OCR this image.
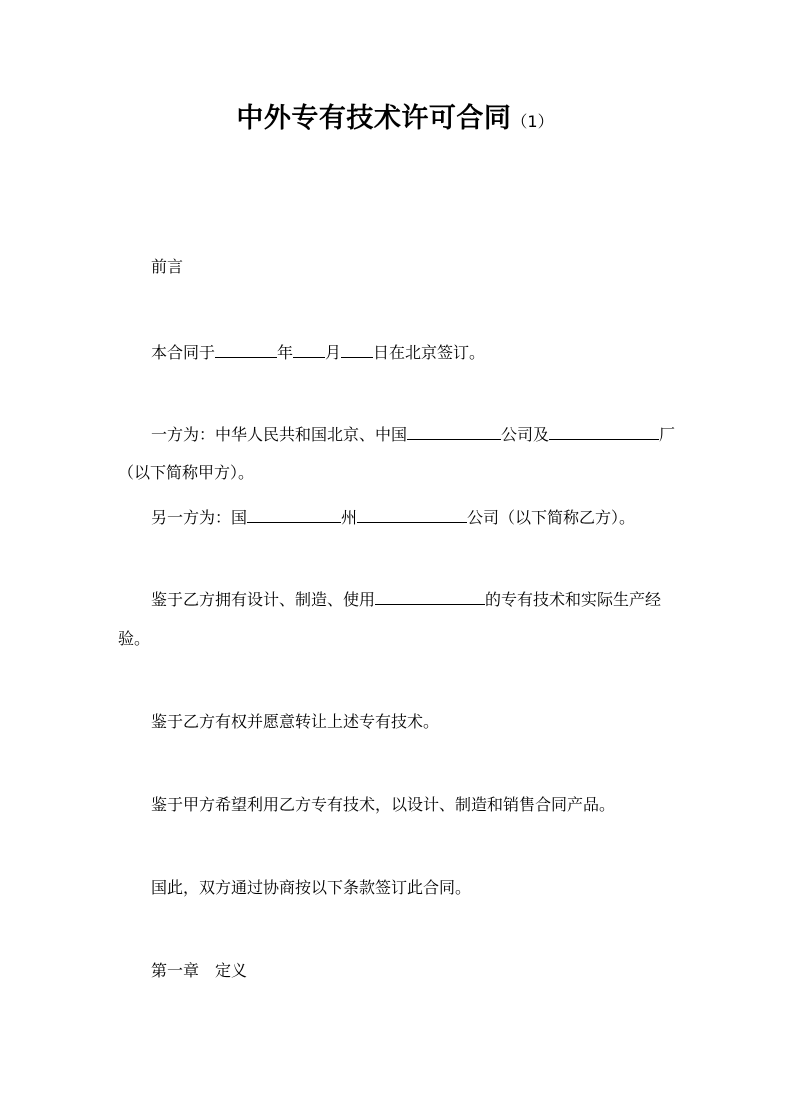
中外专有技术许可合同（1）
前言
本合同于	年 月 日在北京签订。
一方为：中华人民共和国北京、中国	公司及	厂
（以下简称甲方）。
另一方为：国	州	公司（以下简称乙方）。
鉴于乙方拥有设计、制造、使用	的专有技术和实际生产经
验。
鉴于乙方有权并愿意转让上述专有技术。
鉴于甲方希望利用乙方专有技术，以设计、制造和销售合同产品。
国此，双方通过协商按以下条款签订此合同。
第一章　定义
